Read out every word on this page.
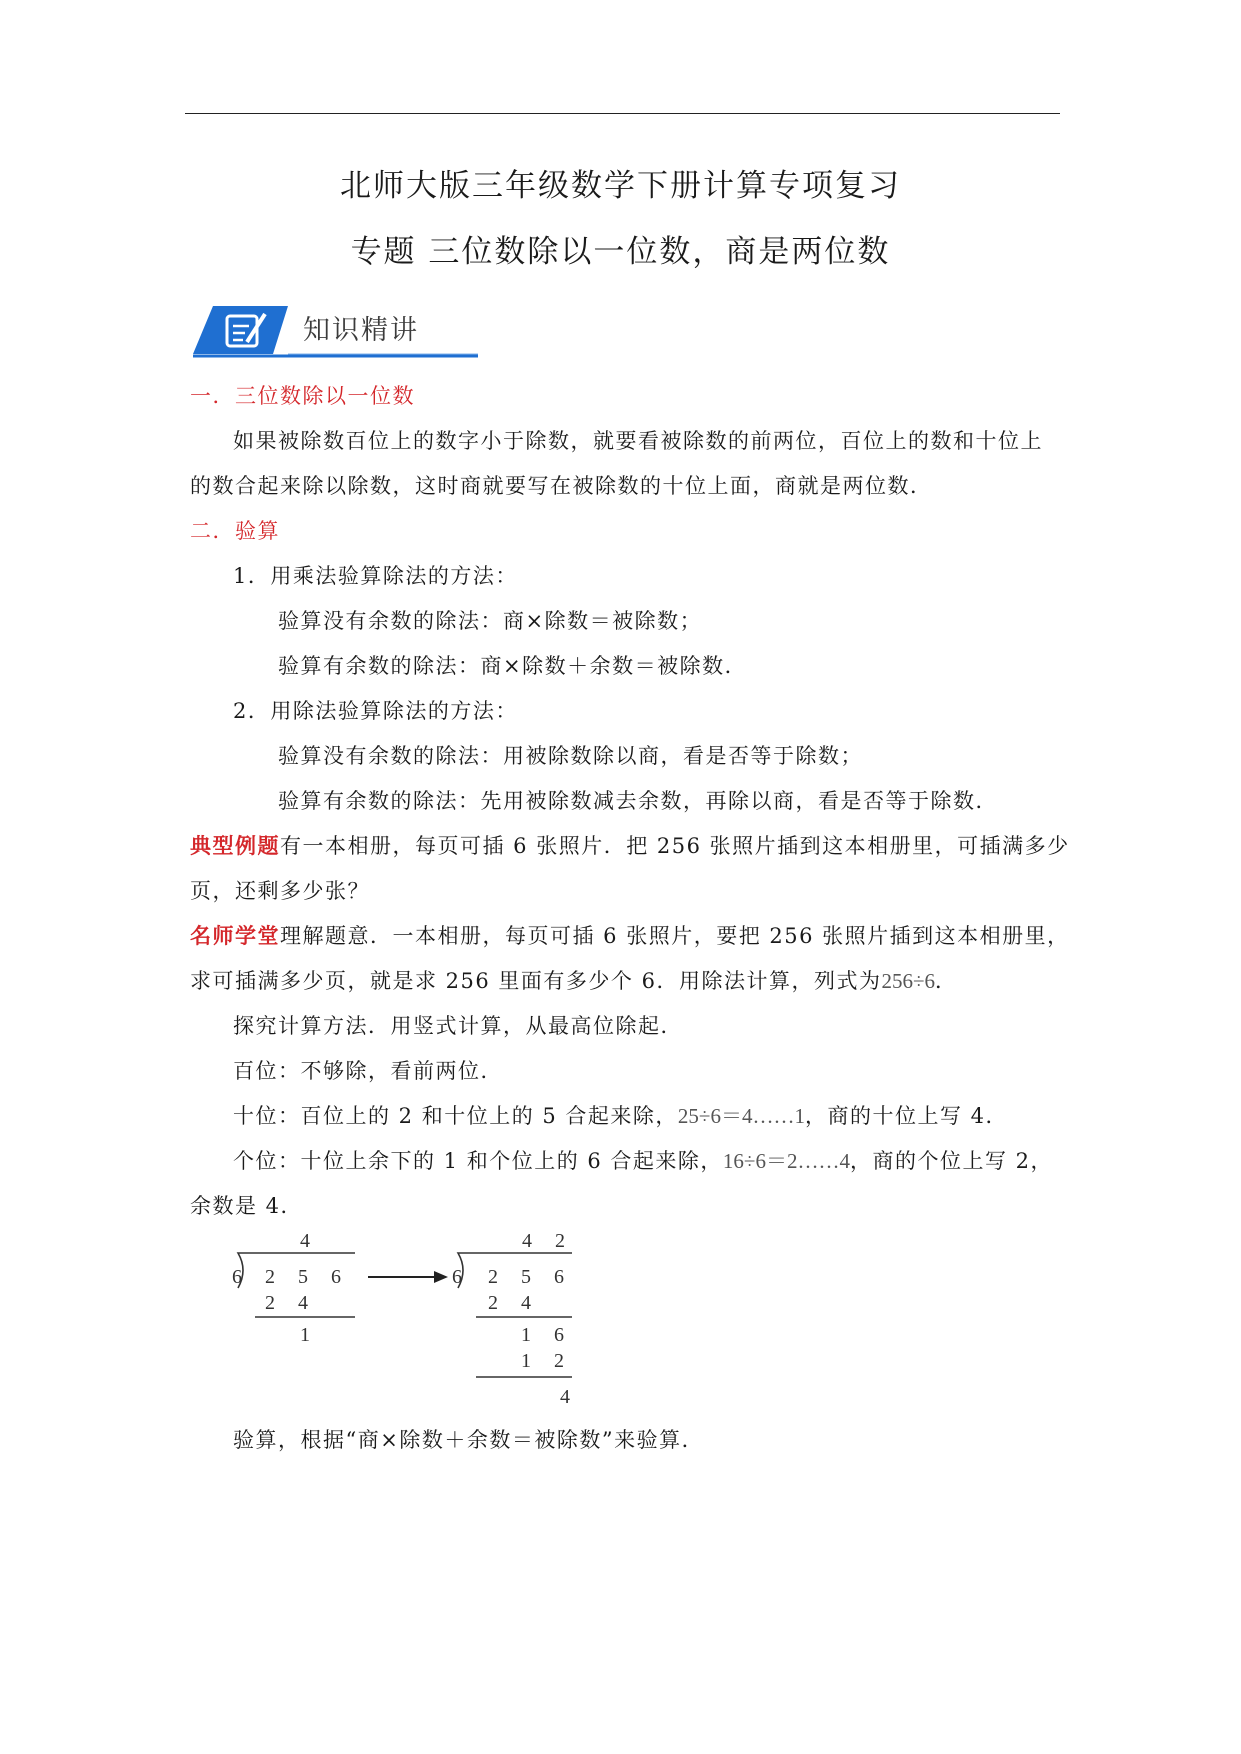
北师大版三年级数学下册计算专项复习
专题 三位数除以一位数，商是两位数
知识精讲
一．三位数除以一位数
如果被除数百位上的数字小于除数，就要看被除数的前两位，百位上的数和十位上
的数合起来除以除数，这时商就要写在被除数的十位上面，商就是两位数．
二．验算
1．用乘法验算除法的方法：
验算没有余数的除法：商×除数＝被除数；
验算有余数的除法：商×除数＋余数＝被除数．
2．用除法验算除法的方法：
验算没有余数的除法：用被除数除以商，看是否等于除数；
验算有余数的除法：先用被除数减去余数，再除以商，看是否等于除数．
典型例题有一本相册，每页可插 6 张照片．把 256 张照片插到这本相册里，可插满多少
页，还剩多少张？
名师学堂理解题意．一本相册，每页可插 6 张照片，要把 256 张照片插到这本相册里，
求可插满多少页，就是求 256 里面有多少个 6．用除法计算，列式为256÷6．
探究计算方法．用竖式计算，从最高位除起．
百位：不够除，看前两位．
十位：百位上的 2 和十位上的 5 合起来除，25÷6＝4……1，商的十位上写 4．
个位：十位上余下的 1 和个位上的 6 合起来除，16÷6＝2……4，商的个位上写 2，
余数是 4．
4
6 2 5 6
2 4
1
4 2
6 2 5 6
2 4
1 6
1 2
4
验算，根据“商×除数＋余数＝被除数”来验算．
